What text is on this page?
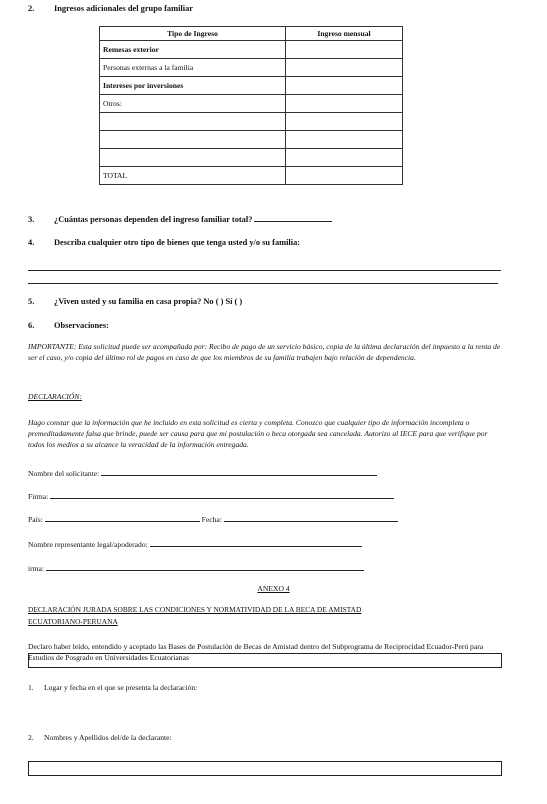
2. Ingresos adicionales del grupo familiar
Tipo de Ingreso	Ingreso mensual
Remesas exterior	
Personas externas a la familia	
Intereses por inversiones	
Otros:	

TOTAL	
3. ¿Cuántas personas dependen del ingreso familiar total?
4. Describa cualquier otro tipo de bienes que tenga usted y/o su familia:
5. ¿Viven usted y su familia en casa propia? No ( ) Sí ( )
6. Observaciones:
IMPORTANTE: Esta solicitud puede ser acompañada por: Recibo de pago de un servicio básico, copia de la última declaración del impuesto a la renta de ser el caso, y/o copia del último rol de pagos en caso de que los miembros de su familia trabajen bajo relación de dependencia.
DECLARACIÓN:
Hago constar que la información que he incluido en esta solicitud es cierta y completa. Conozco que cualquier tipo de información incompleta o premeditadamente falsa que brinde, puede ser causa para que mi postulación o beca otorgada sea cancelada. Autorizo al IECE para que verifique por todos los medios a su alcance la veracidad de la información entregada.
Nombre del solicitante:
Firma:
País:	Fecha:
Nombre representante legal/apoderado:
irma:
ANEXO 4
DECLARACIÓN JURADA SOBRE LAS CONDICIONES Y NORMATIVIDAD DE LA BECA DE AMISTAD
ECUATORIANO-PERUANA
Declaro haber leído, entendido y aceptado las Bases de Postulación de Becas de Amistad dentro del Subprograma de Reciprocidad Ecuador-Perú para Estudios de Posgrado en Universidades Ecuatorianas
1. Lugar y fecha en el que se presenta la declaración:
2. Nombres y Apellidos del/de la declarante:
